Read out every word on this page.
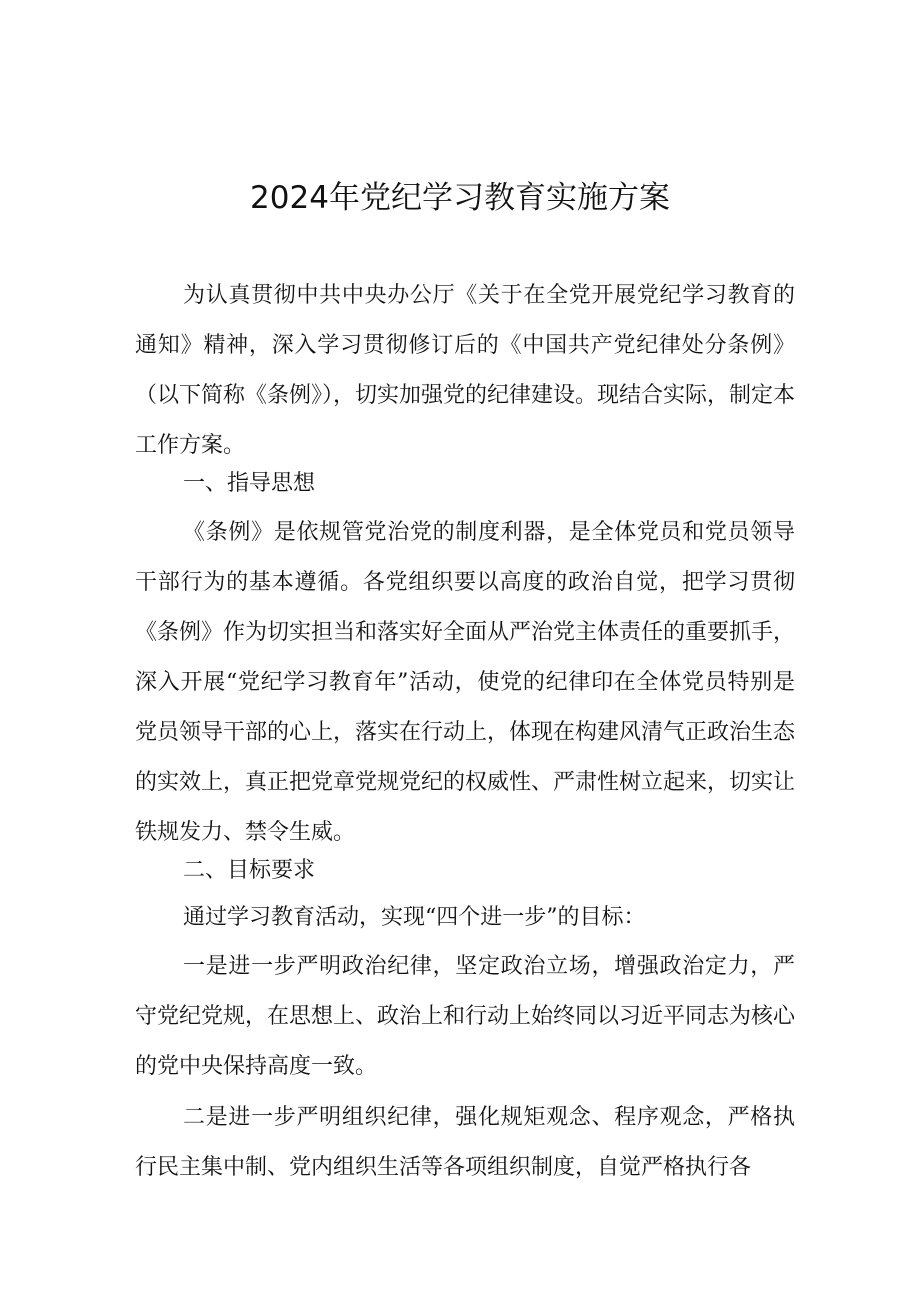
2024年党纪学习教育实施方案

为认真贯彻中共中央办公厅《关于在全党开展党纪学习教育的通知》精神，深入学习贯彻修订后的《中国共产党纪律处分条例》（以下简称《条例》），切实加强党的纪律建设。现结合实际，制定本工作方案。

一、指导思想

《条例》是依规管党治党的制度利器，是全体党员和党员领导干部行为的基本遵循。各党组织要以高度的政治自觉，把学习贯彻《条例》作为切实担当和落实好全面从严治党主体责任的重要抓手，深入开展“党纪学习教育年”活动，使党的纪律印在全体党员特别是党员领导干部的心上，落实在行动上，体现在构建风清气正政治生态的实效上，真正把党章党规党纪的权威性、严肃性树立起来，切实让铁规发力、禁令生威。

二、目标要求

通过学习教育活动，实现“四个进一步”的目标：

一是进一步严明政治纪律，坚定政治立场，增强政治定力，严守党纪党规，在思想上、政治上和行动上始终同以习近平同志为核心的党中央保持高度一致。

二是进一步严明组织纪律，强化规矩观念、程序观念，严格执行民主集中制、党内组织生活等各项组织制度，自觉严格执行各
